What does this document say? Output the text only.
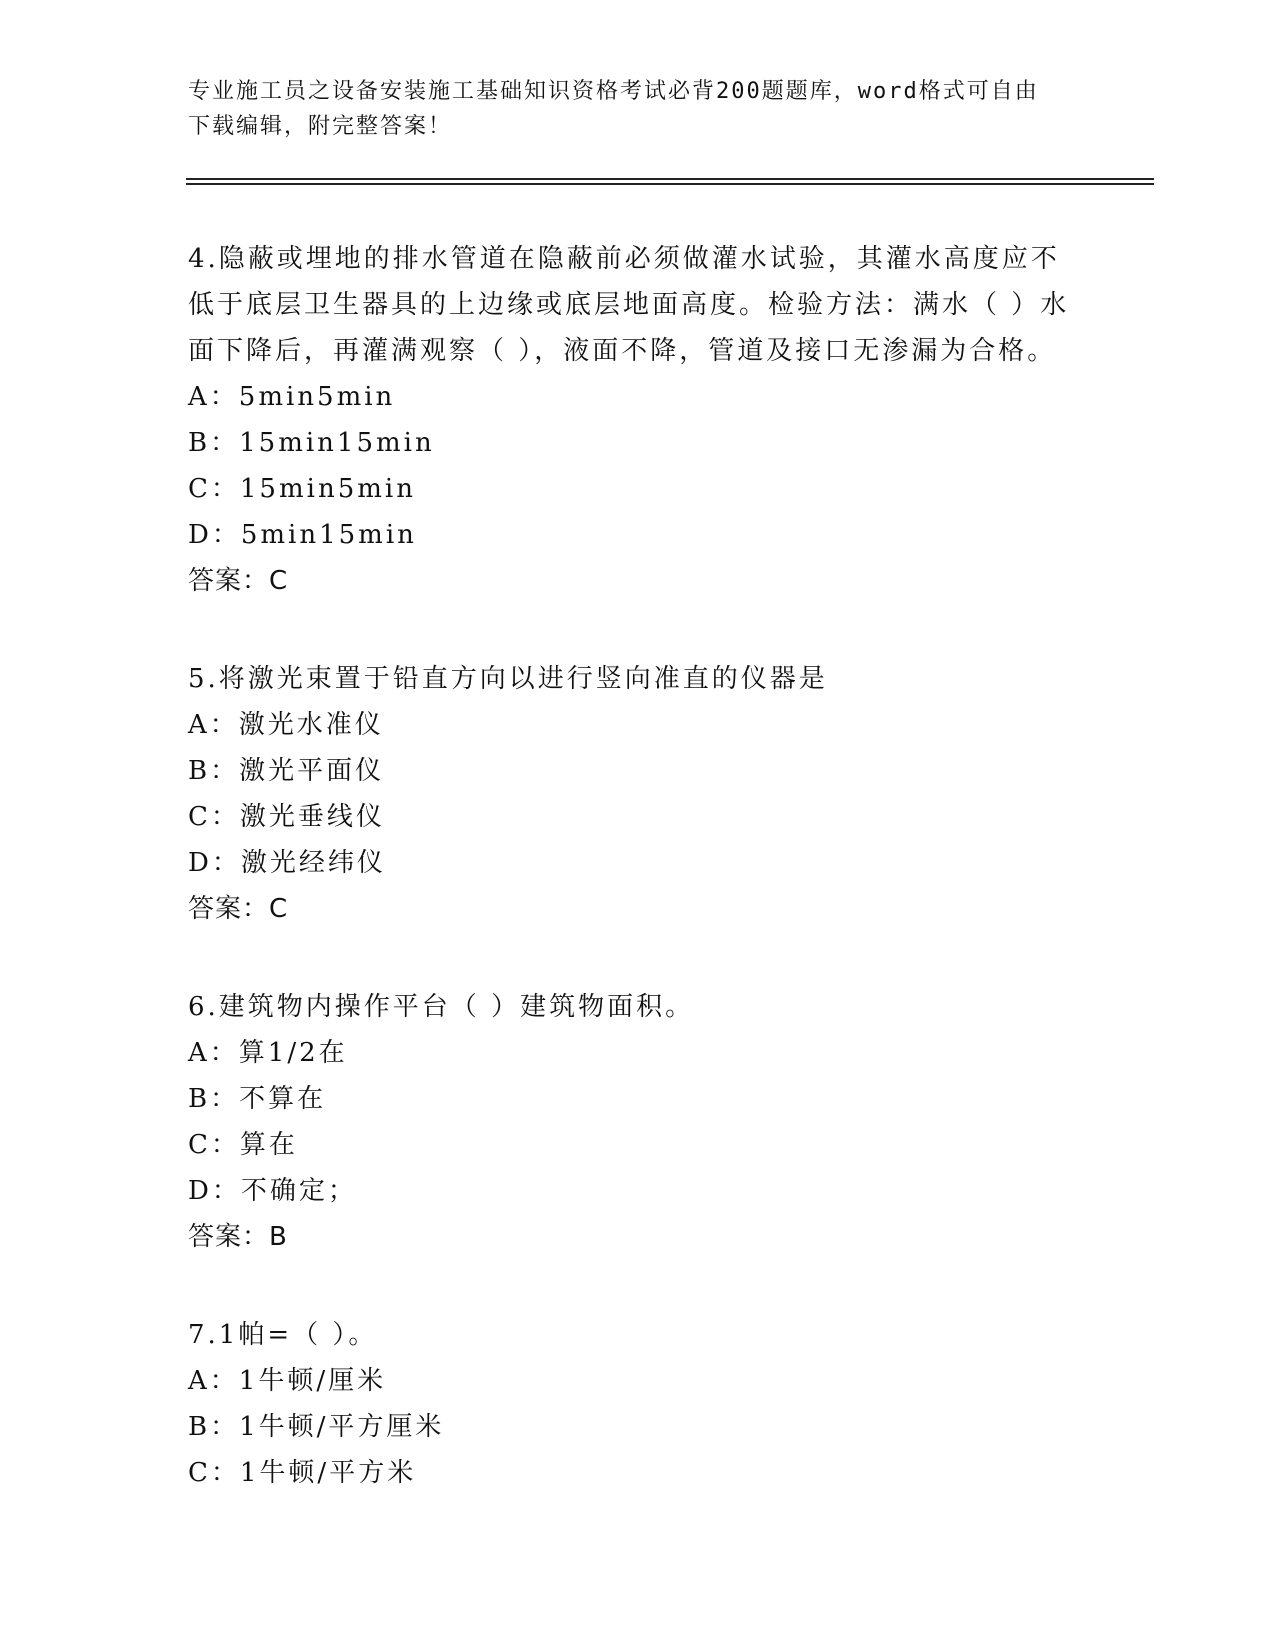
专业施工员之设备安装施工基础知识资格考试必背200题题库，word格式可自由
下载编辑，附完整答案！
4.隐蔽或埋地的排水管道在隐蔽前必须做灌水试验，其灌水高度应不
低于底层卫生器具的上边缘或底层地面高度。检验方法：满水（ ）水
面下降后，再灌满观察（ ），液面不降，管道及接口无渗漏为合格。
A：5min5min
B：15min15min
C：15min5min
D：5min15min
答案：C
5.将激光束置于铅直方向以进行竖向准直的仪器是
A：激光水准仪
B：激光平面仪
C：激光垂线仪
D：激光经纬仪
答案：C
6.建筑物内操作平台（ ）建筑物面积。
A：算1/2在
B：不算在
C：算在
D：不确定；
答案：B
7.1帕=（ ）。
A：1牛顿/厘米
B：1牛顿/平方厘米
C：1牛顿/平方米
